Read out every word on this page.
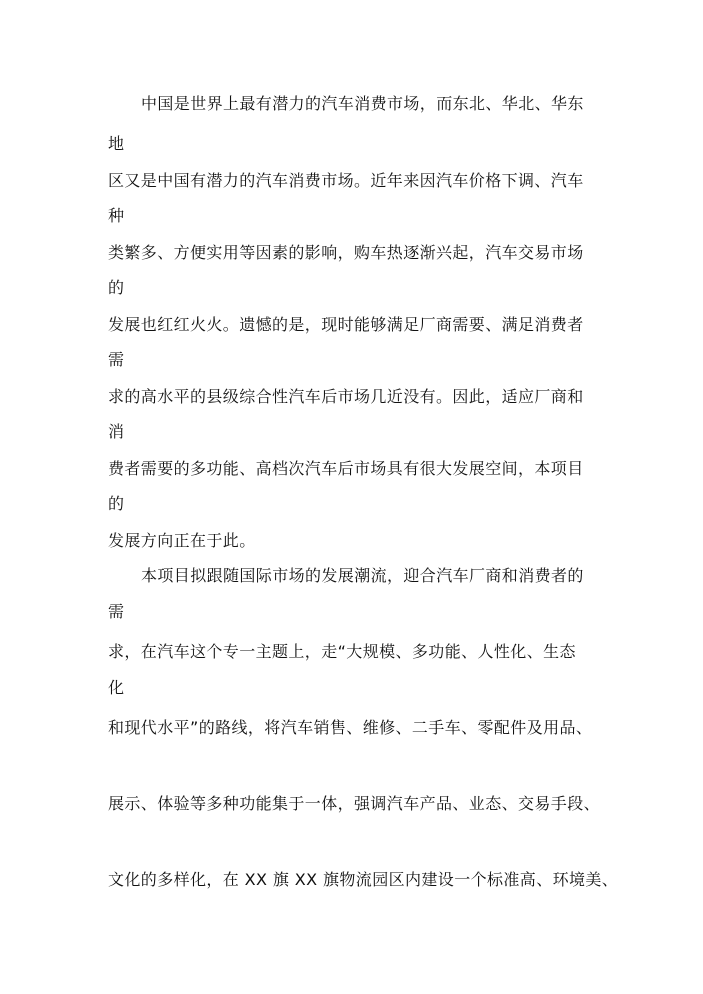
中国是世界上最有潜力的汽车消费市场，而东北、华北、华东
地
区又是中国有潜力的汽车消费市场。近年来因汽车价格下调、汽车
种
类繁多、方便实用等因素的影响，购车热逐渐兴起，汽车交易市场
的
发展也红红火火。遗憾的是，现时能够满足厂商需要、满足消费者
需
求的高水平的县级综合性汽车后市场几近没有。因此，适应厂商和
消
费者需要的多功能、高档次汽车后市场具有很大发展空间，本项目
的
发展方向正在于此。
本项目拟跟随国际市场的发展潮流，迎合汽车厂商和消费者的
需
求，在汽车这个专一主题上，走“大规模、多功能、人性化、生态
化
和现代水平”的路线，将汽车销售、维修、二手车、零配件及用品、
展示、体验等多种功能集于一体，强调汽车产品、业态、交易手段、
文化的多样化，在 XX 旗 XX 旗物流园区内建设一个标准高、环境美、
